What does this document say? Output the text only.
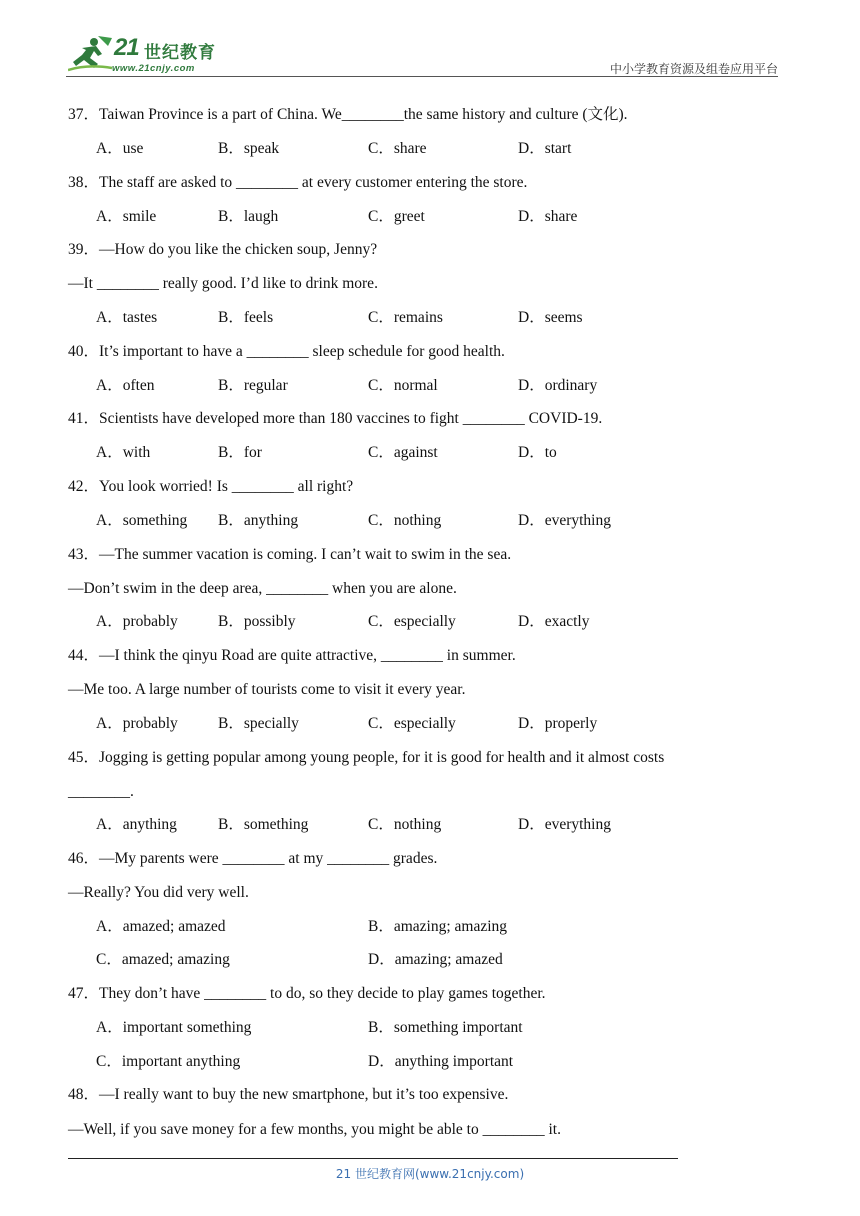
21 世纪教育
www.21cnjy.com	中小学教育资源及组卷应用平台
37．Taiwan Province is a part of China. We________the same history and culture (文化).
A．use	B．speak	C．share	D．start
38．The staff are asked to ________ at every customer entering the store.
A．smile	B．laugh	C．greet	D．share
39．—How do you like the chicken soup, Jenny?
—It ________ really good. I’d like to drink more.
A．tastes	B．feels	C．remains	D．seems
40．It’s important to have a ________ sleep schedule for good health.
A．often	B．regular	C．normal	D．ordinary
41．Scientists have developed more than 180 vaccines to fight ________ COVID-19.
A．with	B．for	C．against	D．to
42．You look worried! Is ________ all right?
A．something B．anything	C．nothing	D．everything
43．—The summer vacation is coming. I can’t wait to swim in the sea.
—Don’t swim in the deep area, ________ when you are alone.
A．probably	B．possibly	C．especially	D．exactly
44．—I think the qinyu Road are quite attractive, ________ in summer.
—Me too. A large number of tourists come to visit it every year.
A．probably	B．specially	C．especially	D．properly
45．Jogging is getting popular among young people, for it is good for health and it almost costs
________.
A．anything	B．something	C．nothing	D．everything
46．—My parents were ________ at my ________ grades.
—Really? You did very well.
A．amazed; amazed	B．amazing; amazing
C．amazed; amazing	D．amazing; amazed
47．They don’t have ________ to do, so they decide to play games together.
A．important something	B．something important
C．important anything	D．anything important
48．—I really want to buy the new smartphone, but it’s too expensive.
—Well, if you save money for a few months, you might be able to ________ it.
21 世纪教育网(www.21cnjy.com)
